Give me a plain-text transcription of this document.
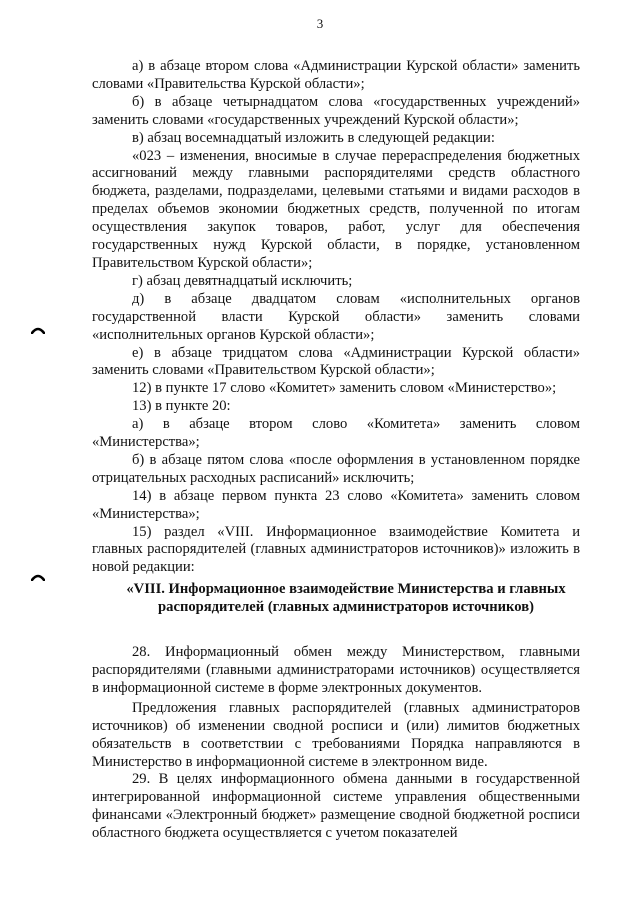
3

а) в абзаце втором слова «Администрации Курской области» заменить словами «Правительства Курской области»;

б) в абзаце четырнадцатом слова «государственных учреждений» заменить словами «государственных учреждений Курской области»;

в) абзац восемнадцатый изложить в следующей редакции:

«023 – изменения, вносимые в случае перераспределения бюджетных ассигнований между главными распорядителями средств областного бюджета, разделами, подразделами, целевыми статьями и видами расходов в пределах объемов экономии бюджетных средств, полученной по итогам осуществления закупок товаров, работ, услуг для обеспечения государственных нужд Курской области, в порядке, установленном Правительством Курской области»;

г) абзац девятнадцатый исключить;

д) в абзаце двадцатом словам «исполнительных органов государственной власти Курской области» заменить словами «исполнительных органов Курской области»;

е) в абзаце тридцатом слова «Администрации Курской области» заменить словами «Правительством Курской области»;

12) в пункте 17 слово «Комитет» заменить словом «Министерство»;

13) в пункте 20:

а) в абзаце втором слово «Комитета» заменить словом «Министерства»;

б) в абзаце пятом слова «после оформления в установленном порядке отрицательных расходных расписаний» исключить;

14) в абзаце первом пункта 23 слово «Комитета» заменить словом «Министерства»;

15) раздел «VIII. Информационное взаимодействие Комитета и главных распорядителей (главных администраторов источников)» изложить в новой редакции:

«VIII. Информационное взаимодействие Министерства и главных распорядителей (главных администраторов источников)

28. Информационный обмен между Министерством, главными распорядителями (главными администраторами источников) осуществляется в информационной системе в форме электронных документов.

Предложения главных распорядителей (главных администраторов источников) об изменении сводной росписи и (или) лимитов бюджетных обязательств в соответствии с требованиями Порядка направляются в Министерство в информационной системе в электронном виде.

29. В целях информационного обмена данными в государственной интегрированной информационной системе управления общественными финансами «Электронный бюджет» размещение сводной бюджетной росписи областного бюджета осуществляется с учетом показателей
